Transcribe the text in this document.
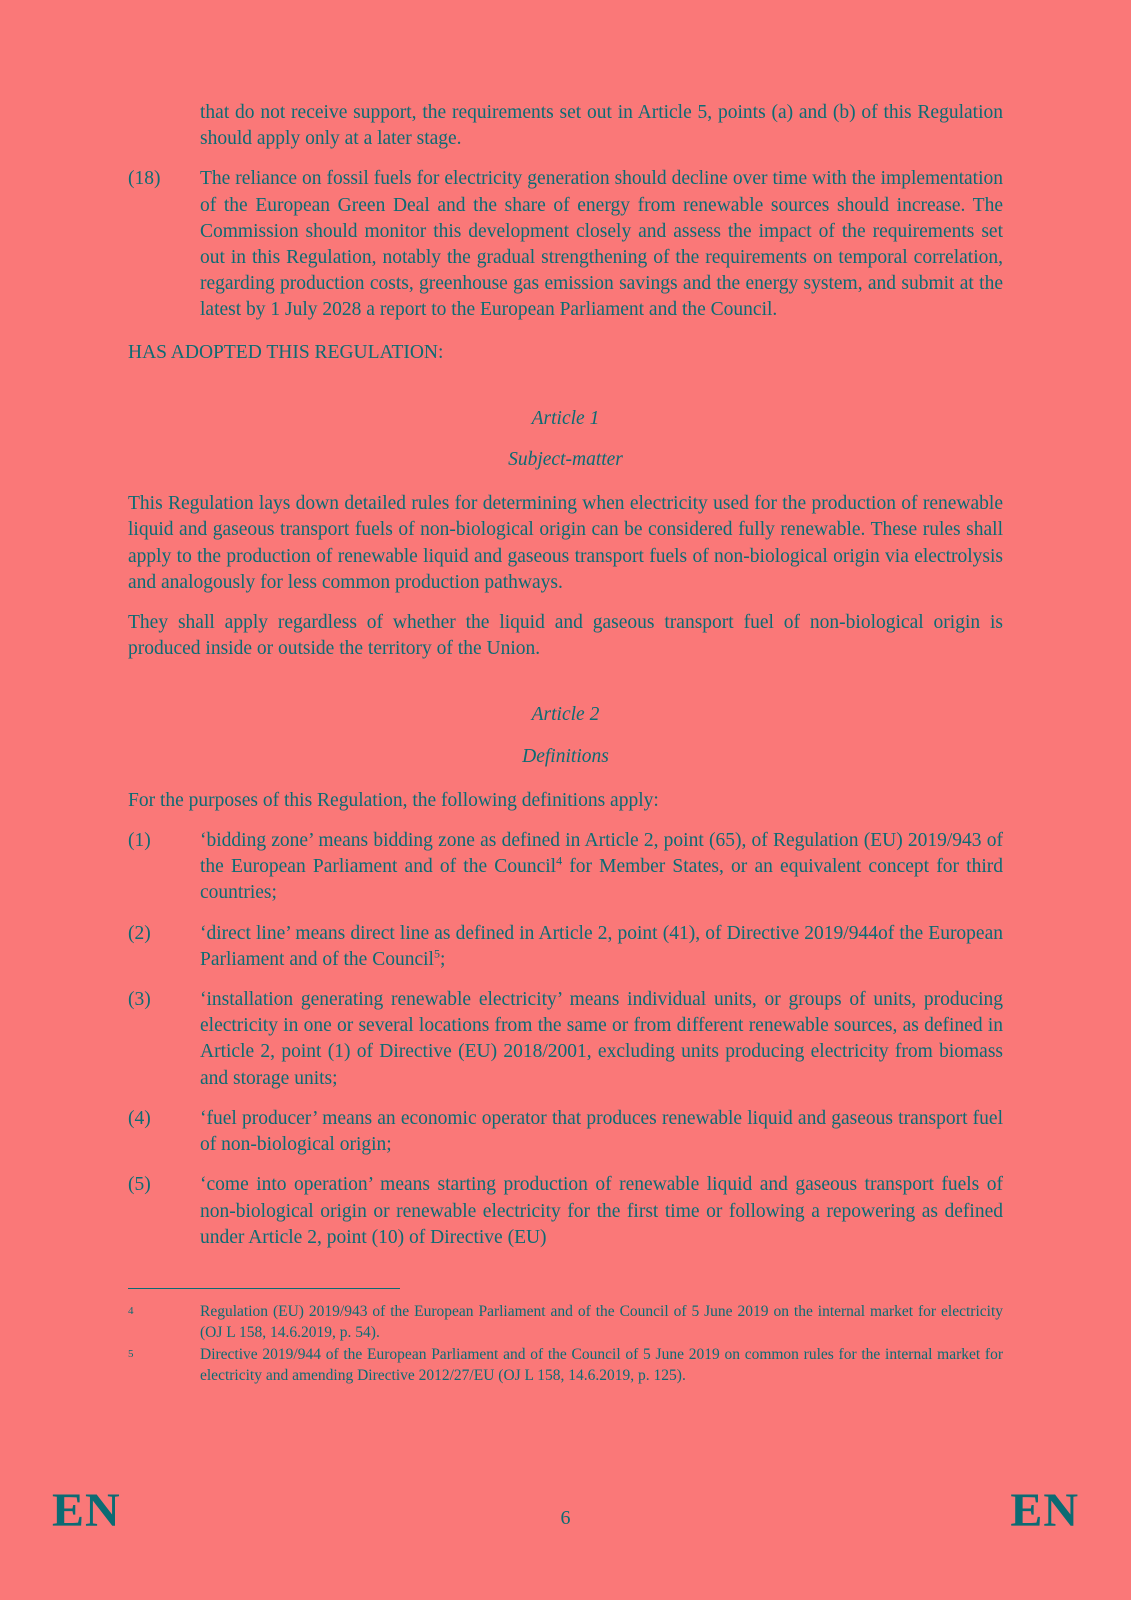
that do not receive support, the requirements set out in Article 5, points (a) and (b) of this Regulation should apply only at a later stage.
(18)	The reliance on fossil fuels for electricity generation should decline over time with the implementation of the European Green Deal and the share of energy from renewable sources should increase. The Commission should monitor this development closely and assess the impact of the requirements set out in this Regulation, notably the gradual strengthening of the requirements on temporal correlation, regarding production costs, greenhouse gas emission savings and the energy system, and submit at the latest by 1 July 2028 a report to the European Parliament and the Council.
HAS ADOPTED THIS REGULATION:
Article 1
Subject-matter
This Regulation lays down detailed rules for determining when electricity used for the production of renewable liquid and gaseous transport fuels of non-biological origin can be considered fully renewable. These rules shall apply to the production of renewable liquid and gaseous transport fuels of non-biological origin via electrolysis and analogously for less common production pathways.
They shall apply regardless of whether the liquid and gaseous transport fuel of non-biological origin is produced inside or outside the territory of the Union.
Article 2
Definitions
For the purposes of this Regulation, the following definitions apply:
(1)	‘bidding zone’ means bidding zone as defined in Article 2, point (65), of Regulation (EU) 2019/943 of the European Parliament and of the Council$^4$ for Member States, or an equivalent concept for third countries;
(2)	‘direct line’ means direct line as defined in Article 2, point (41), of Directive 2019/944of the European Parliament and of the Council$^5$;
(3)	‘installation generating renewable electricity’ means individual units, or groups of units, producing electricity in one or several locations from the same or from different renewable sources, as defined in Article 2, point (1) of Directive (EU) 2018/2001, excluding units producing electricity from biomass and storage units;
(4)	‘fuel producer’ means an economic operator that produces renewable liquid and gaseous transport fuel of non-biological origin;
(5)	‘come into operation’ means starting production of renewable liquid and gaseous transport fuels of non-biological origin or renewable electricity for the first time or following a repowering as defined under Article 2, point (10) of Directive (EU)
4	Regulation (EU) 2019/943 of the European Parliament and of the Council of 5 June 2019 on the internal market for electricity (OJ L 158, 14.6.2019, p. 54).
5	Directive 2019/944 of the European Parliament and of the Council of 5 June 2019 on common rules for the internal market for electricity and amending Directive 2012/27/EU (OJ L 158, 14.6.2019, p. 125).
EN	6	EN
